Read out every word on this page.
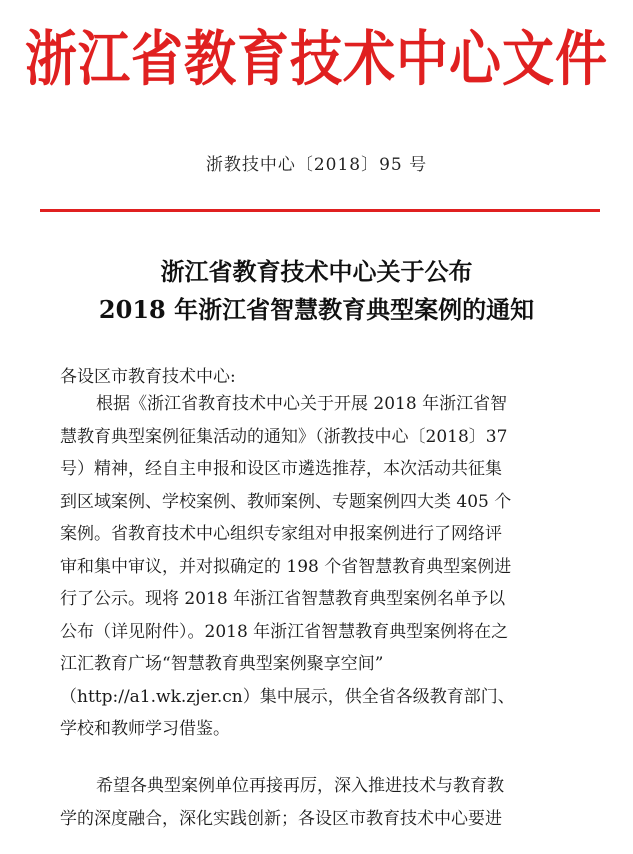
浙江省教育技术中心文件
浙教技中心〔2018〕95 号
浙江省教育技术中心关于公布
2018 年浙江省智慧教育典型案例的通知
各设区市教育技术中心:
根据《浙江省教育技术中心关于开展 2018 年浙江省智
慧教育典型案例征集活动的通知》（浙教技中心〔2018〕37
号）精神，经自主申报和设区市遴选推荐，本次活动共征集
到区域案例、学校案例、教师案例、专题案例四大类 405 个
案例。省教育技术中心组织专家组对申报案例进行了网络评
审和集中审议，并对拟确定的 198 个省智慧教育典型案例进
行了公示。现将 2018 年浙江省智慧教育典型案例名单予以
公布（详见附件）。2018 年浙江省智慧教育典型案例将在之
江汇教育广场“智慧教育典型案例聚享空间”
（http://a1.wk.zjer.cn）集中展示，供全省各级教育部门、
学校和教师学习借鉴。
希望各典型案例单位再接再厉，深入推进技术与教育教
学的深度融合，深化实践创新；各设区市教育技术中心要进
